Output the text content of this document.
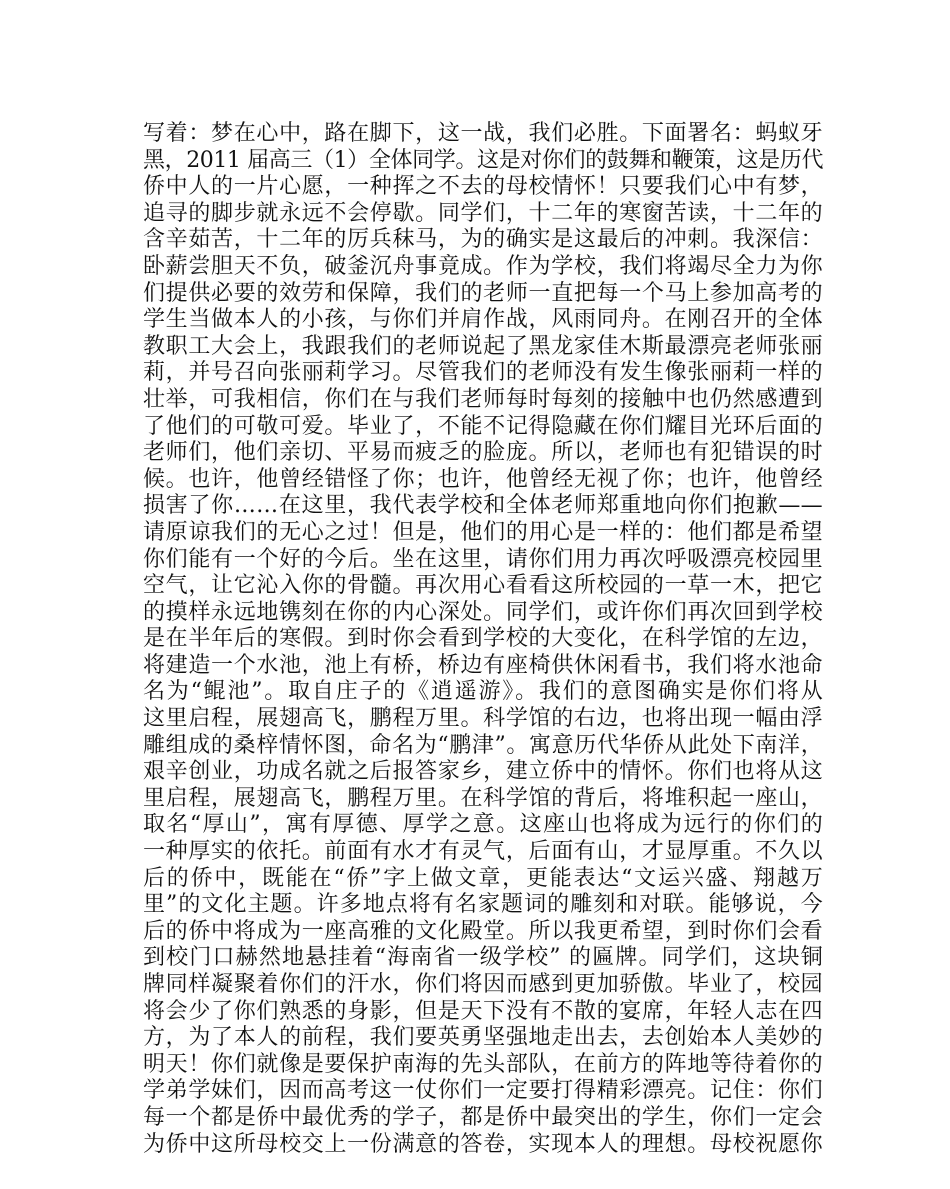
写着：梦在心中，路在脚下，这一战，我们必胜。下面署名：蚂蚁牙
黑，2011 届高三（1）全体同学。这是对你们的鼓舞和鞭策，这是历代
侨中人的一片心愿，一种挥之不去的母校情怀！只要我们心中有梦，
追寻的脚步就永远不会停歇。同学们，十二年的寒窗苦读，十二年的
含辛茹苦，十二年的厉兵秣马，为的确实是这最后的冲刺。我深信：
卧薪尝胆天不负，破釜沉舟事竟成。作为学校，我们将竭尽全力为你
们提供必要的效劳和保障，我们的老师一直把每一个马上参加高考的
学生当做本人的小孩，与你们并肩作战，风雨同舟。在刚召开的全体
教职工大会上，我跟我们的老师说起了黑龙家佳木斯最漂亮老师张丽
莉，并号召向张丽莉学习。尽管我们的老师没有发生像张丽莉一样的
壮举，可我相信，你们在与我们老师每时每刻的接触中也仍然感遭到
了他们的可敬可爱。毕业了，不能不记得隐藏在你们耀目光环后面的
老师们，他们亲切、平易而疲乏的脸庞。所以，老师也有犯错误的时
候。也许，他曾经错怪了你；也许，他曾经无视了你；也许，他曾经
损害了你……在这里，我代表学校和全体老师郑重地向你们抱歉——
请原谅我们的无心之过！但是，他们的用心是一样的：他们都是希望
你们能有一个好的今后。坐在这里，请你们用力再次呼吸漂亮校园里
空气，让它沁入你的骨髓。再次用心看看这所校园的一草一木，把它
的摸样永远地镌刻在你的内心深处。同学们，或许你们再次回到学校
是在半年后的寒假。到时你会看到学校的大变化，在科学馆的左边，
将建造一个水池，池上有桥，桥边有座椅供休闲看书，我们将水池命
名为“鲲池”。取自庄子的《逍遥游》。我们的意图确实是你们将从
这里启程，展翅高飞，鹏程万里。科学馆的右边，也将出现一幅由浮
雕组成的桑梓情怀图，命名为“鹏津”。寓意历代华侨从此处下南洋，
艰辛创业，功成名就之后报答家乡，建立侨中的情怀。你们也将从这
里启程，展翅高飞，鹏程万里。在科学馆的背后，将堆积起一座山，
取名“厚山”，寓有厚德、厚学之意。这座山也将成为远行的你们的
一种厚实的依托。前面有水才有灵气，后面有山，才显厚重。不久以
后的侨中，既能在“侨”字上做文章，更能表达“文运兴盛、翔越万
里”的文化主题。许多地点将有名家题词的雕刻和对联。能够说，今
后的侨中将成为一座高雅的文化殿堂。所以我更希望，到时你们会看
到校门口赫然地悬挂着“海南省一级学校” 的匾牌。同学们，这块铜
牌同样凝聚着你们的汗水，你们将因而感到更加骄傲。毕业了，校园
将会少了你们熟悉的身影，但是天下没有不散的宴席，年轻人志在四
方，为了本人的前程，我们要英勇坚强地走出去，去创始本人美妙的
明天！你们就像是要保护南海的先头部队，在前方的阵地等待着你的
学弟学妹们，因而高考这一仗你们一定要打得精彩漂亮。记住：你们
每一个都是侨中最优秀的学子，都是侨中最突出的学生，你们一定会
为侨中这所母校交上一份满意的答卷，实现本人的理想。母校祝愿你
